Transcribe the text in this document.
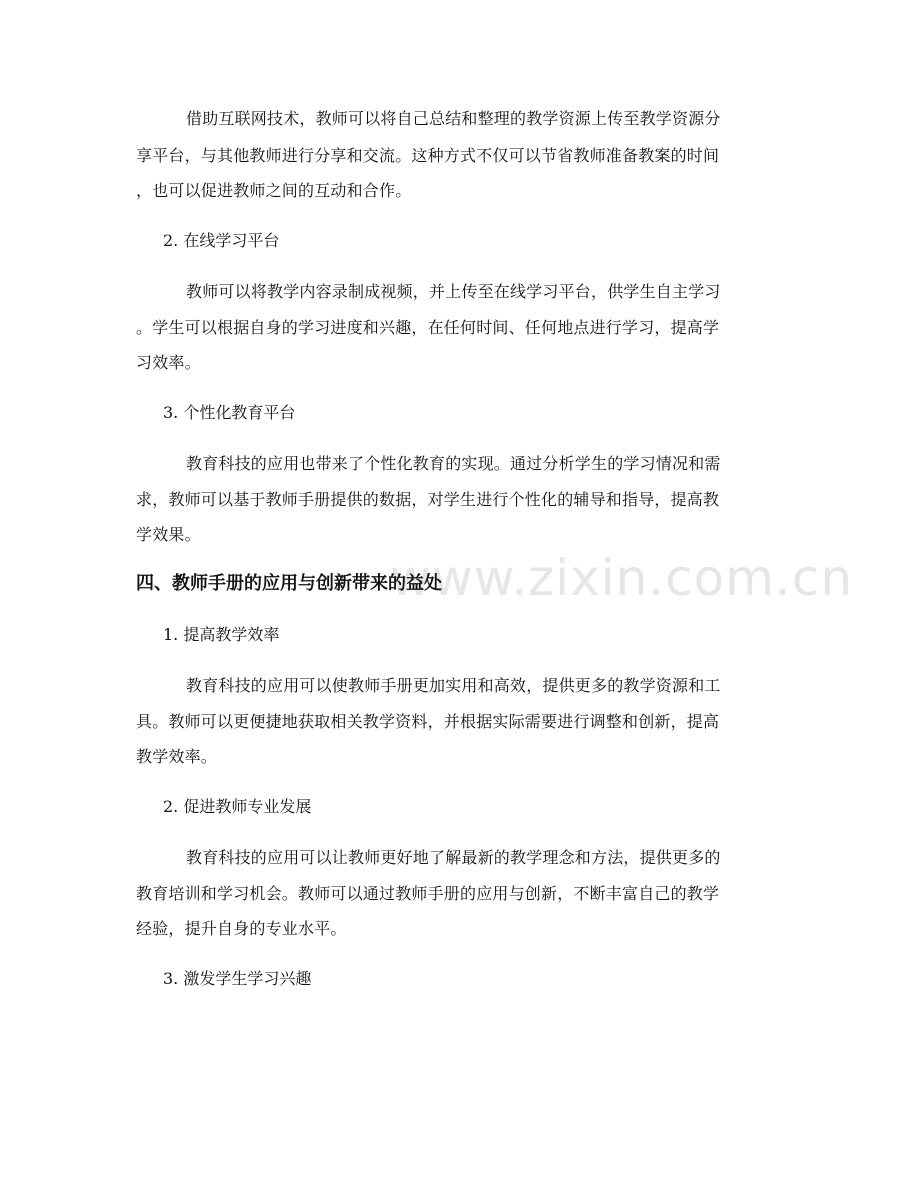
www.zixin.com.cn
借助互联网技术，教师可以将自己总结和整理的教学资源上传至教学资源分
享平台，与其他教师进行分享和交流。这种方式不仅可以节省教师准备教案的时间
，也可以促进教师之间的互动和合作。
2. 在线学习平台
教师可以将教学内容录制成视频，并上传至在线学习平台，供学生自主学习
。学生可以根据自身的学习进度和兴趣，在任何时间、任何地点进行学习，提高学
习效率。
3. 个性化教育平台
教育科技的应用也带来了个性化教育的实现。通过分析学生的学习情况和需
求，教师可以基于教师手册提供的数据，对学生进行个性化的辅导和指导，提高教
学效果。
四、教师手册的应用与创新带来的益处
1. 提高教学效率
教育科技的应用可以使教师手册更加实用和高效，提供更多的教学资源和工
具。教师可以更便捷地获取相关教学资料，并根据实际需要进行调整和创新，提高
教学效率。
2. 促进教师专业发展
教育科技的应用可以让教师更好地了解最新的教学理念和方法，提供更多的
教育培训和学习机会。教师可以通过教师手册的应用与创新，不断丰富自己的教学
经验，提升自身的专业水平。
3. 激发学生学习兴趣
